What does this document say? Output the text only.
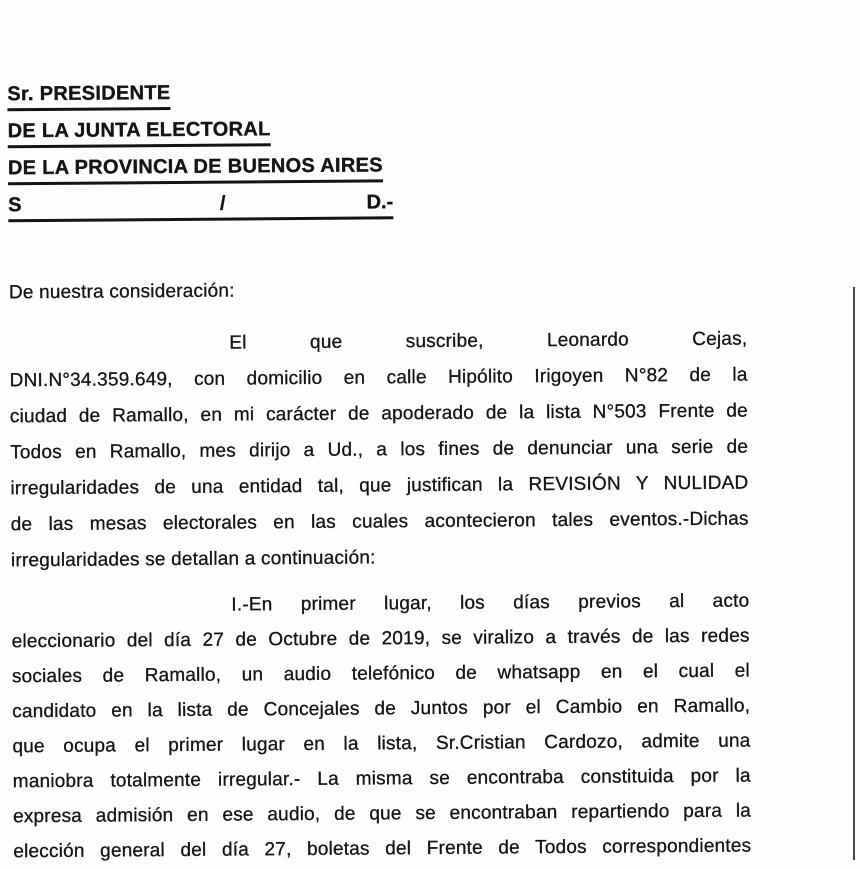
Sr. PRESIDENTE
DE LA JUNTA ELECTORAL
DE LA PROVINCIA DE BUENOS AIRES
S	/	D.-
De nuestra consideración:
El que suscribe, Leonardo Cejas,
DNI.N°34.359.649, con domicilio en calle Hipólito Irigoyen N°82 de la
ciudad de Ramallo, en mi carácter de apoderado de la lista N°503 Frente de
Todos en Ramallo, mes dirijo a Ud., a los fines de denunciar una serie de
irregularidades de una entidad tal, que justifican la REVISIÓN Y NULIDAD
de las mesas electorales en las cuales acontecieron tales eventos.-Dichas
irregularidades se detallan a continuación:
I.-En primer lugar, los días previos al acto
eleccionario del día 27 de Octubre de 2019, se viralizo a través de las redes
sociales de Ramallo, un audio telefónico de whatsapp en el cual el
candidato en la lista de Concejales de Juntos por el Cambio en Ramallo,
que ocupa el primer lugar en la lista, Sr.Cristian Cardozo, admite una
maniobra totalmente irregular.- La misma se encontraba constituida por la
expresa admisión en ese audio, de que se encontraban repartiendo para la
elección general del día 27, boletas del Frente de Todos correspondientes
